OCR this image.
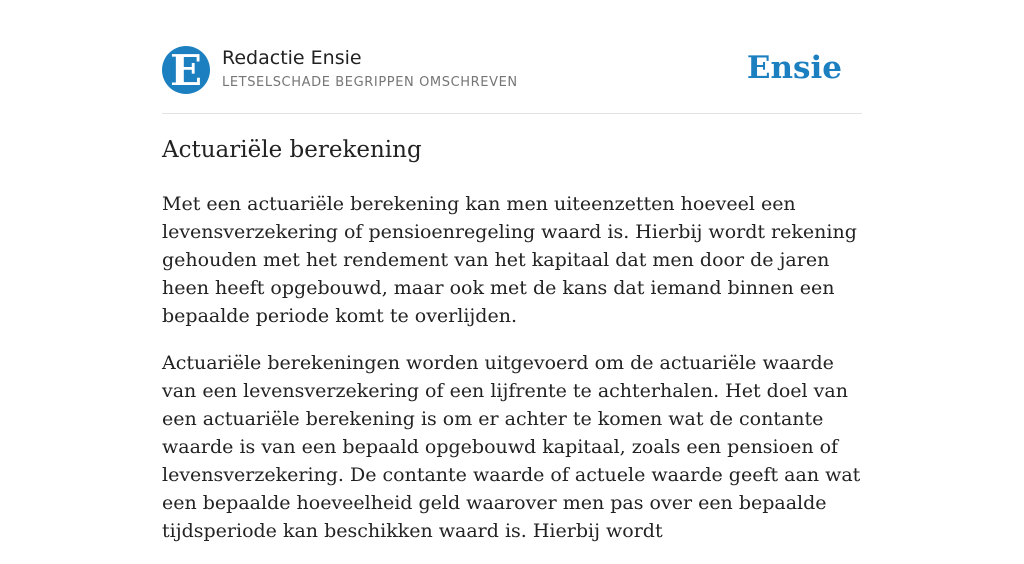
E Redactie Ensie
LETSELSCHADE BEGRIPPEN OMSCHREVEN	Ensie
Actuariële berekening

Met een actuariële berekening kan men uiteenzetten hoeveel een levensverzekering of pensioenregeling waard is. Hierbij wordt rekening gehouden met het rendement van het kapitaal dat men door de jaren heen heeft opgebouwd, maar ook met de kans dat iemand binnen een bepaalde periode komt te overlijden.

Actuariële berekeningen worden uitgevoerd om de actuariële waarde van een levensverzekering of een lijfrente te achterhalen. Het doel van een actuariële berekening is om er achter te komen wat de contante waarde is van een bepaald opgebouwd kapitaal, zoals een pensioen of levensverzekering. De contante waarde of actuele waarde geeft aan wat een bepaalde hoeveelheid geld waarover men pas over een bepaalde tijdsperiode kan beschikken waard is. Hierbij wordt
